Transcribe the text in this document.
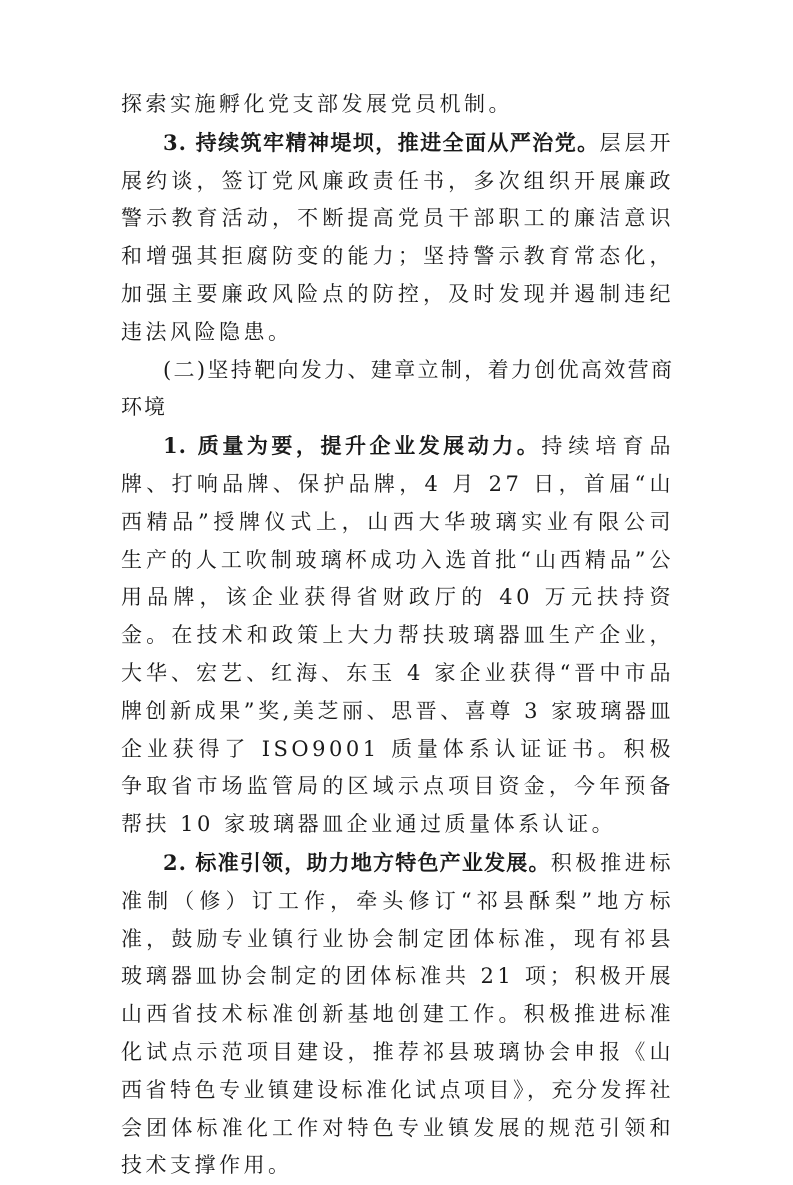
探索实施孵化党支部发展党员机制。

3. 持续筑牢精神堤坝，推进全面从严治党。层层开展约谈，签订党风廉政责任书，多次组织开展廉政警示教育活动，不断提高党员干部职工的廉洁意识和增强其拒腐防变的能力；坚持警示教育常态化，加强主要廉政风险点的防控，及时发现并遏制违纪违法风险隐患。

(二)坚持靶向发力、建章立制，着力创优高效营商环境

1. 质量为要，提升企业发展动力。持续培育品牌、打响品牌、保护品牌，4 月 27 日，首届“山西精品”授牌仪式上，山西大华玻璃实业有限公司生产的人工吹制玻璃杯成功入选首批“山西精品”公用品牌，该企业获得省财政厅的 40 万元扶持资金。在技术和政策上大力帮扶玻璃器皿生产企业，大华、宏艺、红海、东玉 4 家企业获得“晋中市品牌创新成果”奖,美芝丽、思晋、喜尊 3 家玻璃器皿企业获得了 ISO9001 质量体系认证证书。积极争取省市场监管局的区域示点项目资金，今年预备帮扶 10 家玻璃器皿企业通过质量体系认证。

2. 标准引领，助力地方特色产业发展。积极推进标准制（修）订工作，牵头修订“祁县酥梨”地方标准，鼓励专业镇行业协会制定团体标准，现有祁县玻璃器皿协会制定的团体标准共 21 项；积极开展山西省技术标准创新基地创建工作。积极推进标准化试点示范项目建设，推荐祁县玻璃协会申报《山西省特色专业镇建设标准化试点项目》，充分发挥社会团体标准化工作对特色专业镇发展的规范引领和技术支撑作用。
